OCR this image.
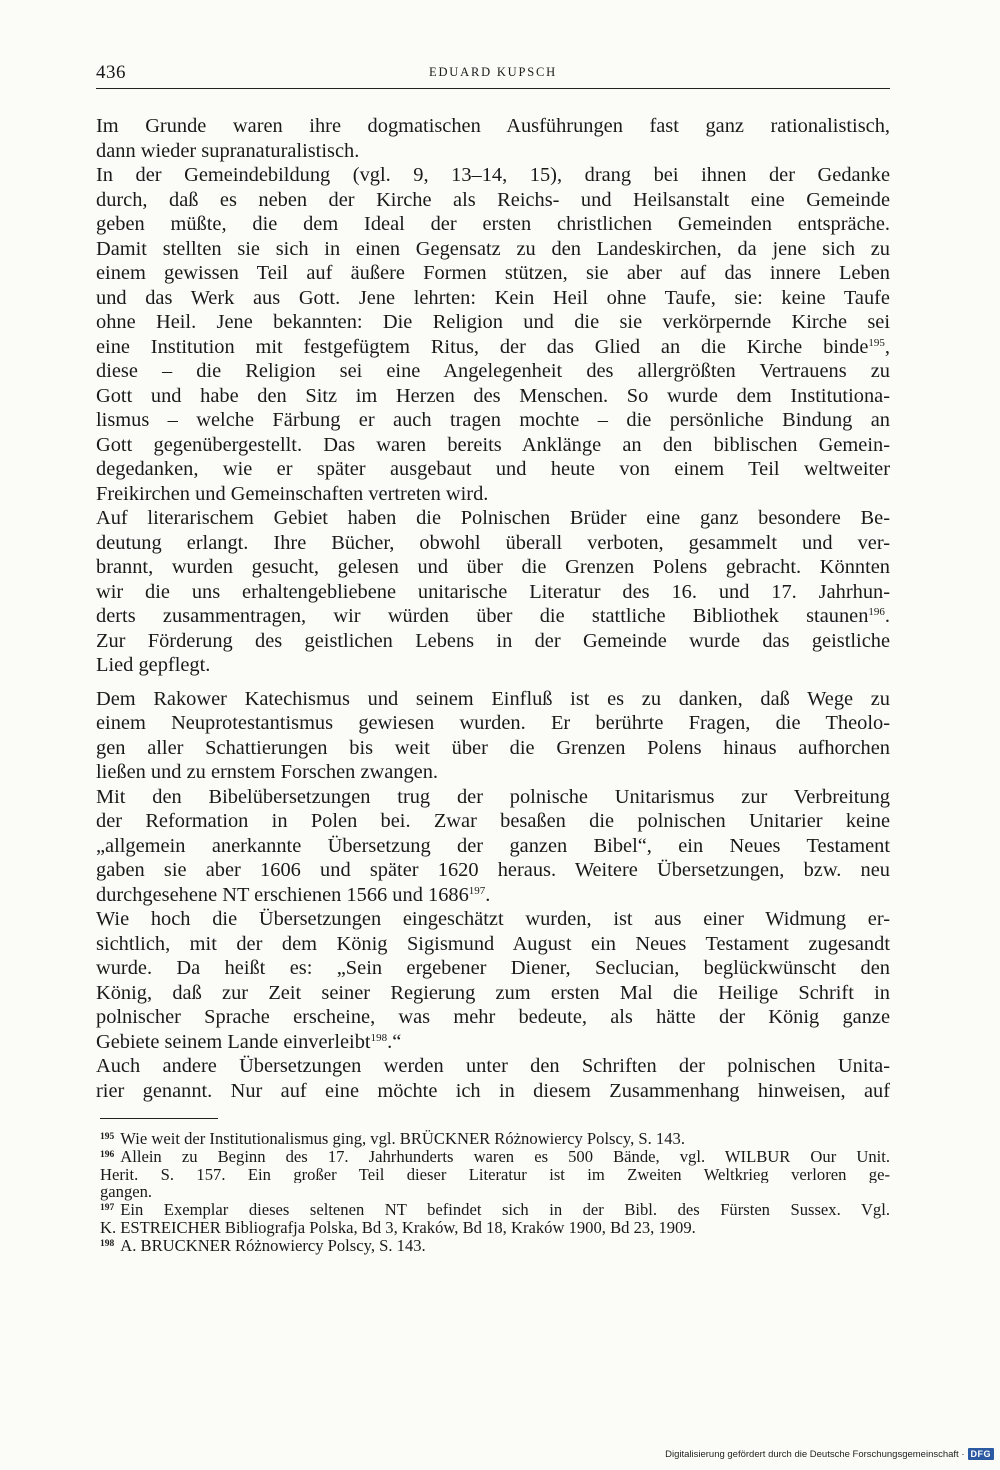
436	EDUARD KUPSCH
Im Grunde waren ihre dogmatischen Ausführungen fast ganz rationalistisch,
dann wieder supranaturalistisch.
In der Gemeindebildung (vgl. 9, 13–14, 15), drang bei ihnen der Gedanke
durch, daß es neben der Kirche als Reichs- und Heilsanstalt eine Gemeinde
geben müßte, die dem Ideal der ersten christlichen Gemeinden entspräche.
Damit stellten sie sich in einen Gegensatz zu den Landeskirchen, da jene sich zu
einem gewissen Teil auf äußere Formen stützen, sie aber auf das innere Leben
und das Werk aus Gott. Jene lehrten: Kein Heil ohne Taufe, sie: keine Taufe
ohne Heil. Jene bekannten: Die Religion und die sie verkörpernde Kirche sei
eine Institution mit festgefügtem Ritus, der das Glied an die Kirche binde$^{195}$,
diese – die Religion sei eine Angelegenheit des allergrößten Vertrauens zu
Gott und habe den Sitz im Herzen des Menschen. So wurde dem Institutiona-
lismus – welche Färbung er auch tragen mochte – die persönliche Bindung an
Gott gegenübergestellt. Das waren bereits Anklänge an den biblischen Gemein-
degedanken, wie er später ausgebaut und heute von einem Teil weltweiter
Freikirchen und Gemeinschaften vertreten wird.
Auf literarischem Gebiet haben die Polnischen Brüder eine ganz besondere Be-
deutung erlangt. Ihre Bücher, obwohl überall verboten, gesammelt und ver-
brannt, wurden gesucht, gelesen und über die Grenzen Polens gebracht. Könnten
wir die uns erhaltengebliebene unitarische Literatur des 16. und 17. Jahrhun-
derts zusammentragen, wir würden über die stattliche Bibliothek staunen$^{196}$.
Zur Förderung des geistlichen Lebens in der Gemeinde wurde das geistliche
Lied gepflegt.
Dem Rakower Katechismus und seinem Einfluß ist es zu danken, daß Wege zu
einem Neuprotestantismus gewiesen wurden. Er berührte Fragen, die Theolo-
gen aller Schattierungen bis weit über die Grenzen Polens hinaus aufhorchen
ließen und zu ernstem Forschen zwangen.
Mit den Bibelübersetzungen trug der polnische Unitarismus zur Verbreitung
der Reformation in Polen bei. Zwar besaßen die polnischen Unitarier keine
„allgemein anerkannte Übersetzung der ganzen Bibel“, ein Neues Testament
gaben sie aber 1606 und später 1620 heraus. Weitere Übersetzungen, bzw. neu
durchgesehene NT erschienen 1566 und 1686$^{197}$.
Wie hoch die Übersetzungen eingeschätzt wurden, ist aus einer Widmung er-
sichtlich, mit der dem König Sigismund August ein Neues Testament zugesandt
wurde. Da heißt es: „Sein ergebener Diener, Seclucian, beglückwünscht den
König, daß zur Zeit seiner Regierung zum ersten Mal die Heilige Schrift in
polnischer Sprache erscheine, was mehr bedeute, als hätte der König ganze
Gebiete seinem Lande einverleibt$^{198}$.“
Auch andere Übersetzungen werden unter den Schriften der polnischen Unita-
rier genannt. Nur auf eine möchte ich in diesem Zusammenhang hinweisen, auf
$^{195}$ Wie weit der Institutionalismus ging, vgl. BRÜCKNER Różnowiercy Polscy, S. 143.
$^{196}$ Allein zu Beginn des 17. Jahrhunderts waren es 500 Bände, vgl. WILBUR Our Unit.
Herit. S. 157. Ein großer Teil dieser Literatur ist im Zweiten Weltkrieg verloren ge-
gangen.
$^{197}$ Ein Exemplar dieses seltenen NT befindet sich in der Bibl. des Fürsten Sussex. Vgl.
K. ESTREICHER Bibliografja Polska, Bd 3, Kraków, Bd 18, Kraków 1900, Bd 23, 1909.
$^{198}$ A. BRUCKNER Różnowiercy Polscy, S. 143.
Digitalisierung gefördert durch die Deutsche Forschungsgemeinschaft · DFG
